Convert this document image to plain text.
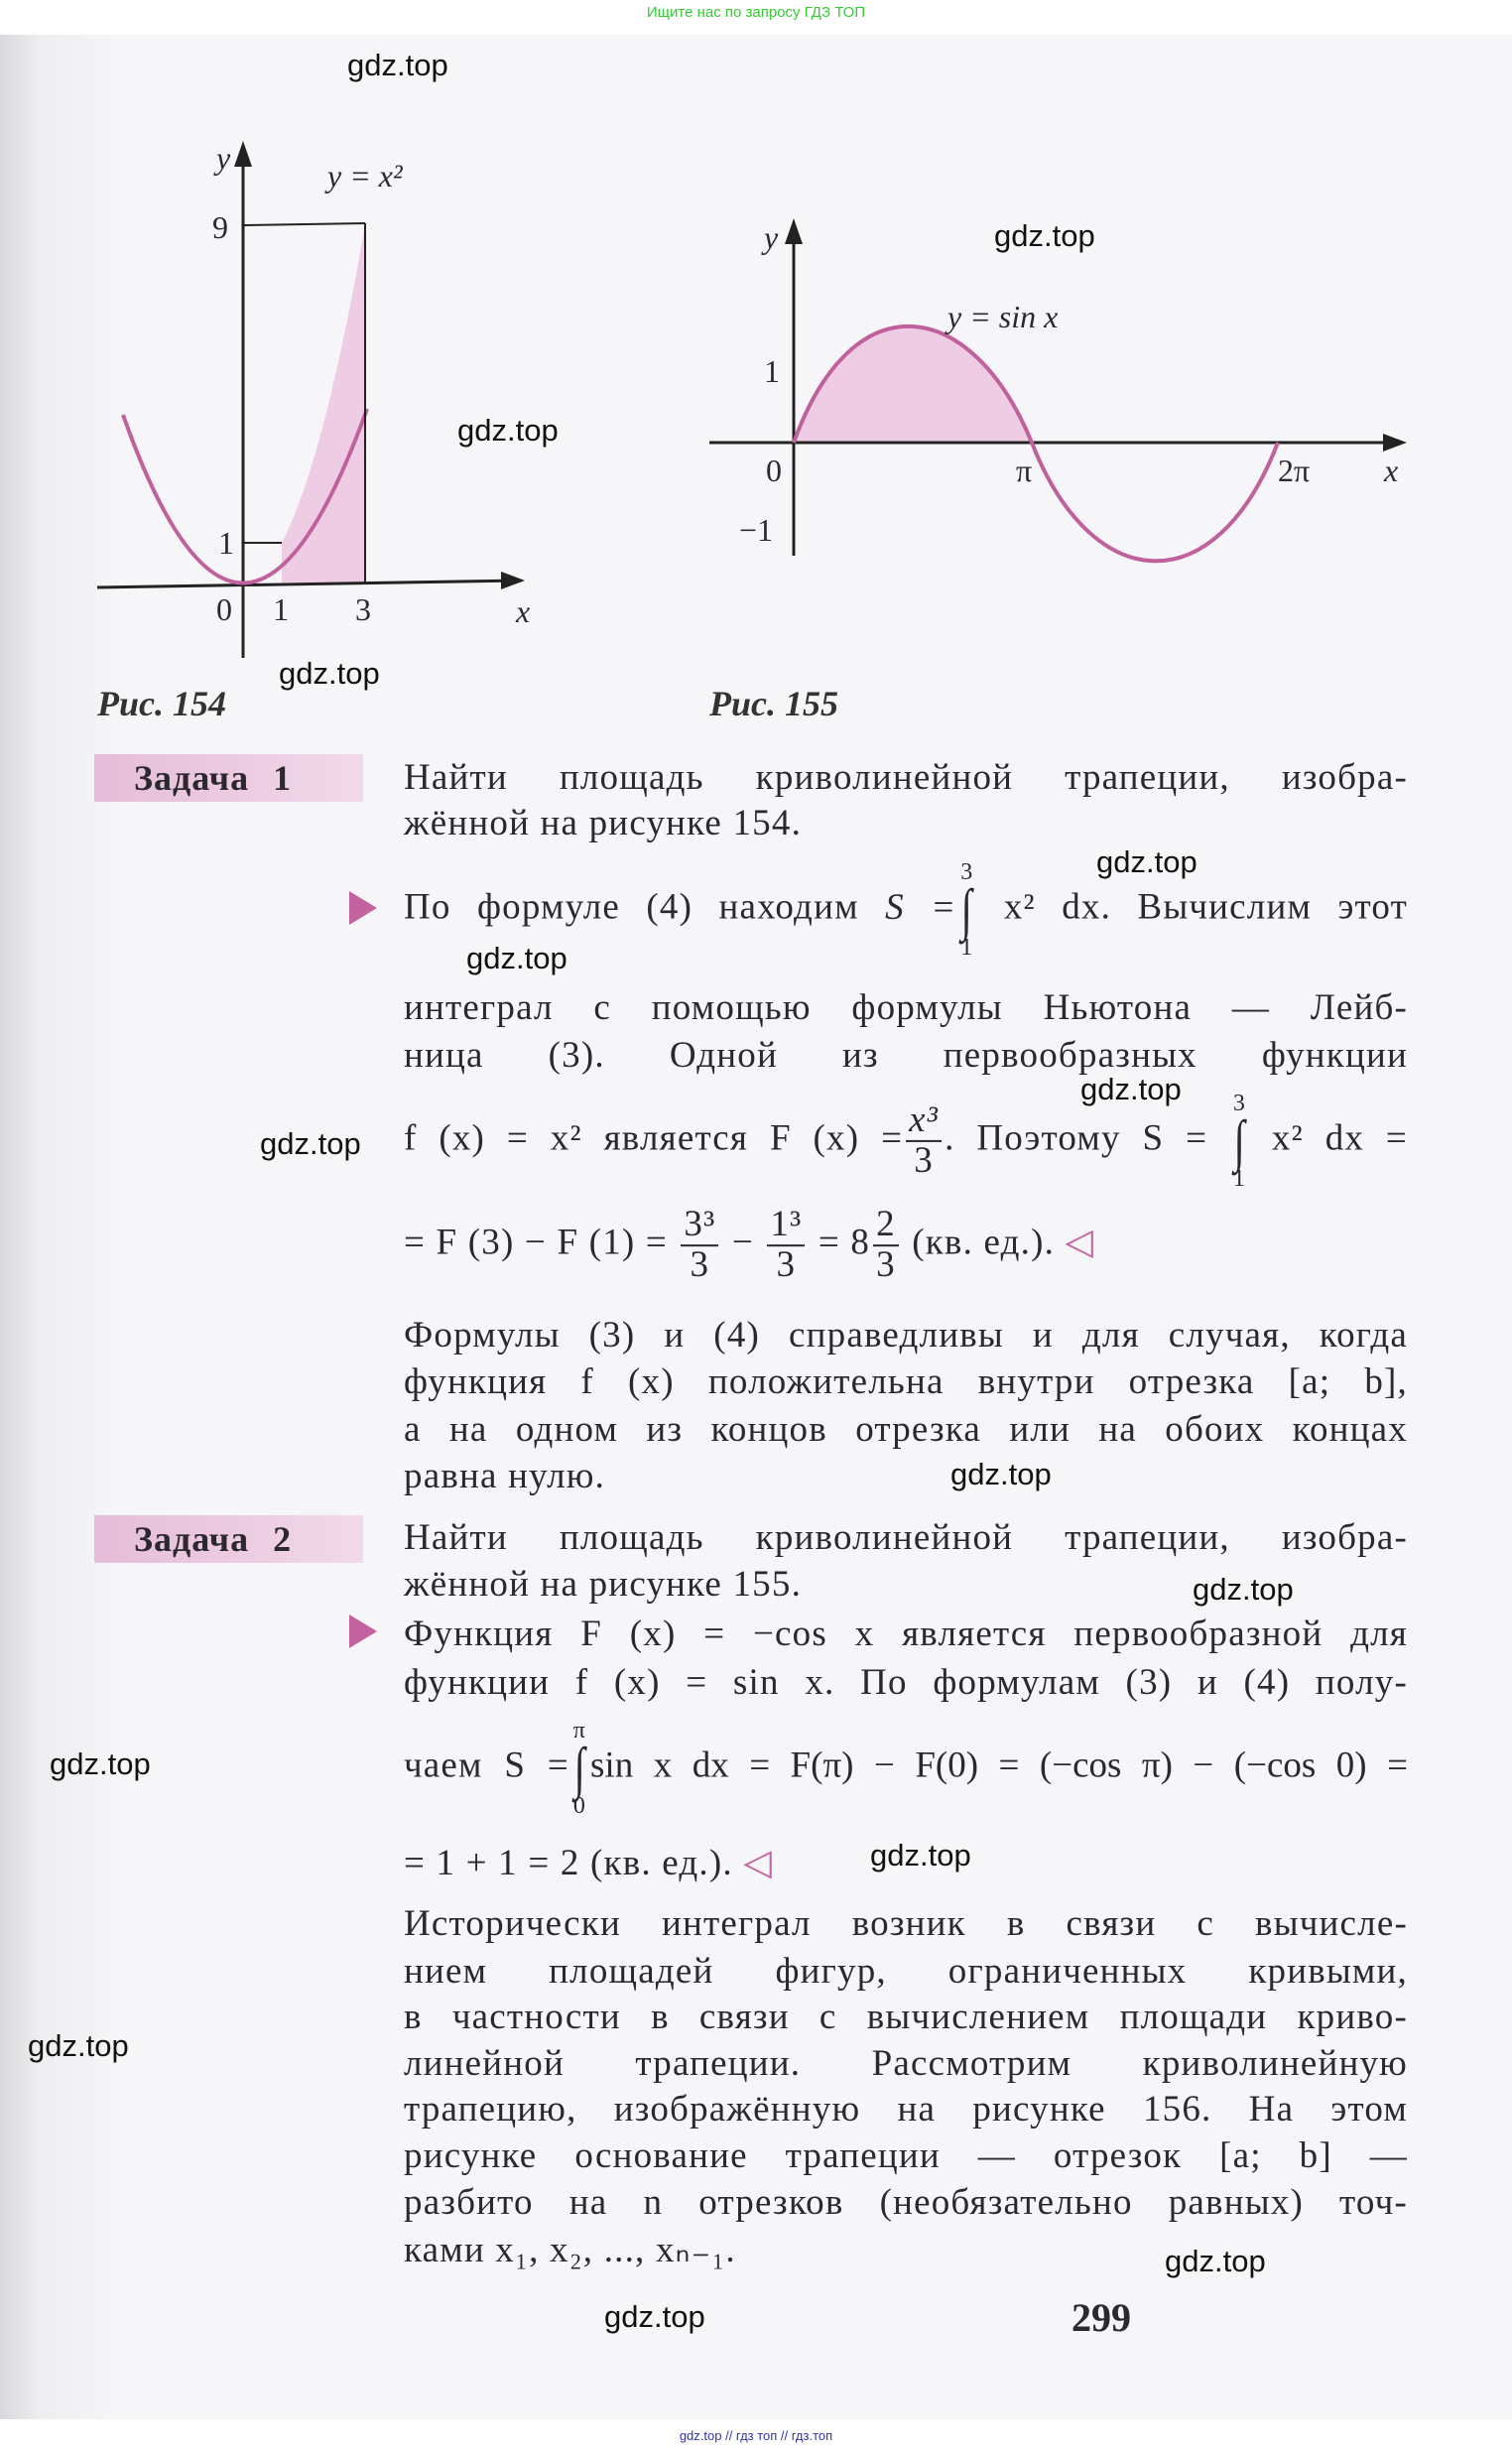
Ищите нас по запросу ГДЗ ТОП
y	y = x²
9
1
0 1 3	x
Рис. 154
y
y = sin x
1
−1
0	π	2π x
Рис. 155
Задача 1	Найти площадь криволинейной трапеции, изобра-
жённой на рисунке 154.
По формуле (4) находим S =
3
∫
1
x² dx. Вычислим этот
интеграл с помощью формулы Ньютона — Лейб-
ница (3). Одной из первообразных функции
f (x) = x² является F $(x) = \frac{\text{x³}}{3}$ . Поэтому S =
3
∫
1
x² dx =
= F (3) − F $(1) = \frac{\text{3³}}{3} - \frac{\text{1³}}{3} = 8 \frac{2}{3} (кв$. ед.). ◁
Формулы (3) и (4) справедливы и для случая, когда
функция f (x) положительна внутри отрезка [a; b],
а на одном из концов отрезка или на обоих концах
равна нулю.
Задача 2	Найти площадь криволинейной трапеции, изобра-
жённой на рисунке 155.
Функция F (x) = −cos x является первообразной для
функции f (x) = sin x. По формулам (3) и (4) полу-
чаем S =
π
∫
0
sin x dx = F(π) − F(0) = (−cos π) − (−cos 0) =
= 1 + 1 = 2 (кв. ед.). ◁
Исторически интеграл возник в связи с вычисле-
нием площадей фигур, ограниченных кривыми,
в частности в связи с вычислением площади криво-
линейной трапеции. Рассмотрим криволинейную
трапецию, изображённую на рисунке 156. На этом
рисунке основание трапеции — отрезок [a; b] —
разбито на n отрезков (необязательно равных) точ-
ками x₁, x₂, ..., xₙ₋₁.
299
gdz.top
gdz.top
gdz.top
gdz.top
gdz.top
gdz.top
gdz.top
gdz.top
gdz.top
gdz.top
gdz.top
gdz.top
gdz.top
gdz.top
gdz.top
gdz.top // гдз топ // гдз.топ
